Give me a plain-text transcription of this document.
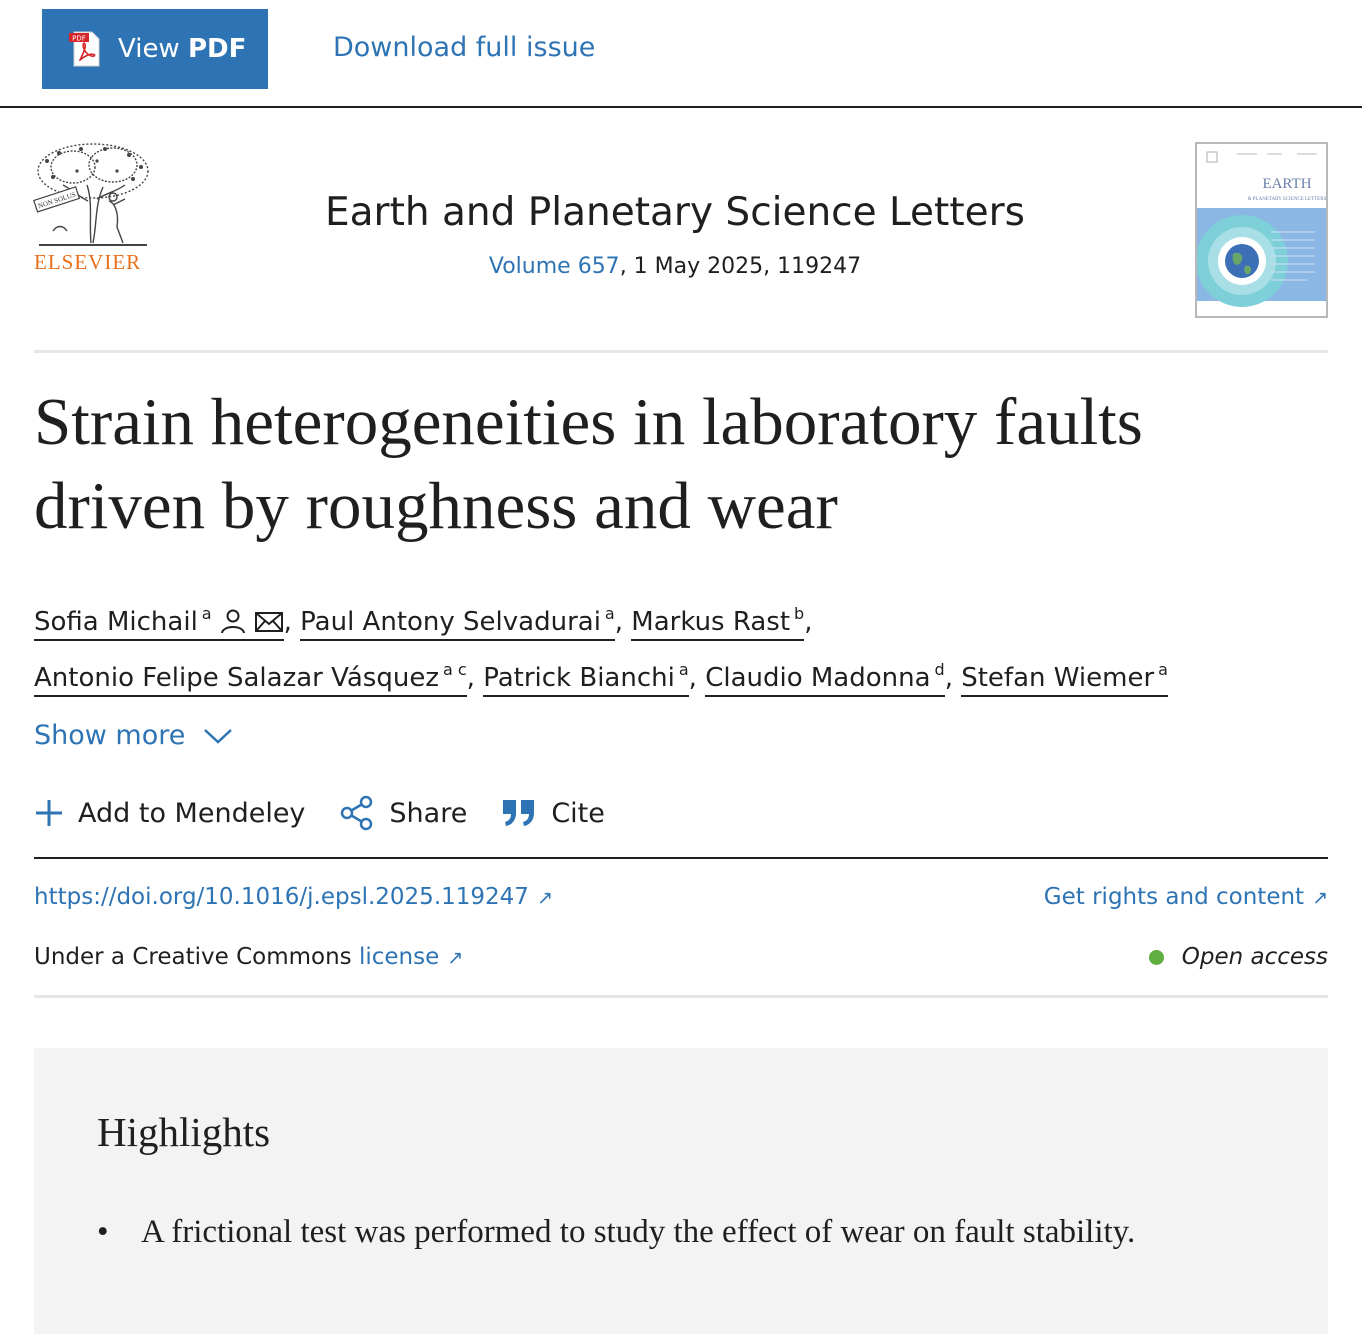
PDF View PDF	Download full issue
NON SOLUS
ELSEVIER
Earth and Planetary Science Letters
Volume 657, 1 May 2025, 119247
EARTH
& PLANETARY SCIENCE LETTERS
Strain heterogeneities in laboratory faults driven by roughness and wear
Sofia Michail $^a$	, Paul Antony Selvadurai $^a$, Markus Rast $^b$,
Antonio Felipe Salazar Vásquez $^{a c}$, Patrick Bianchi $^a$, Claudio Madonna $^d$, Stefan Wiemer $^a$
Show more
Add to Mendeley	Share	Cite
https://doi.org/10.1016/j.epsl.2025.119247 ↗	Get rights and content ↗
Under a Creative Commons license ↗	Open access
Highlights
• A frictional test was performed to study the effect of wear on fault stability.
